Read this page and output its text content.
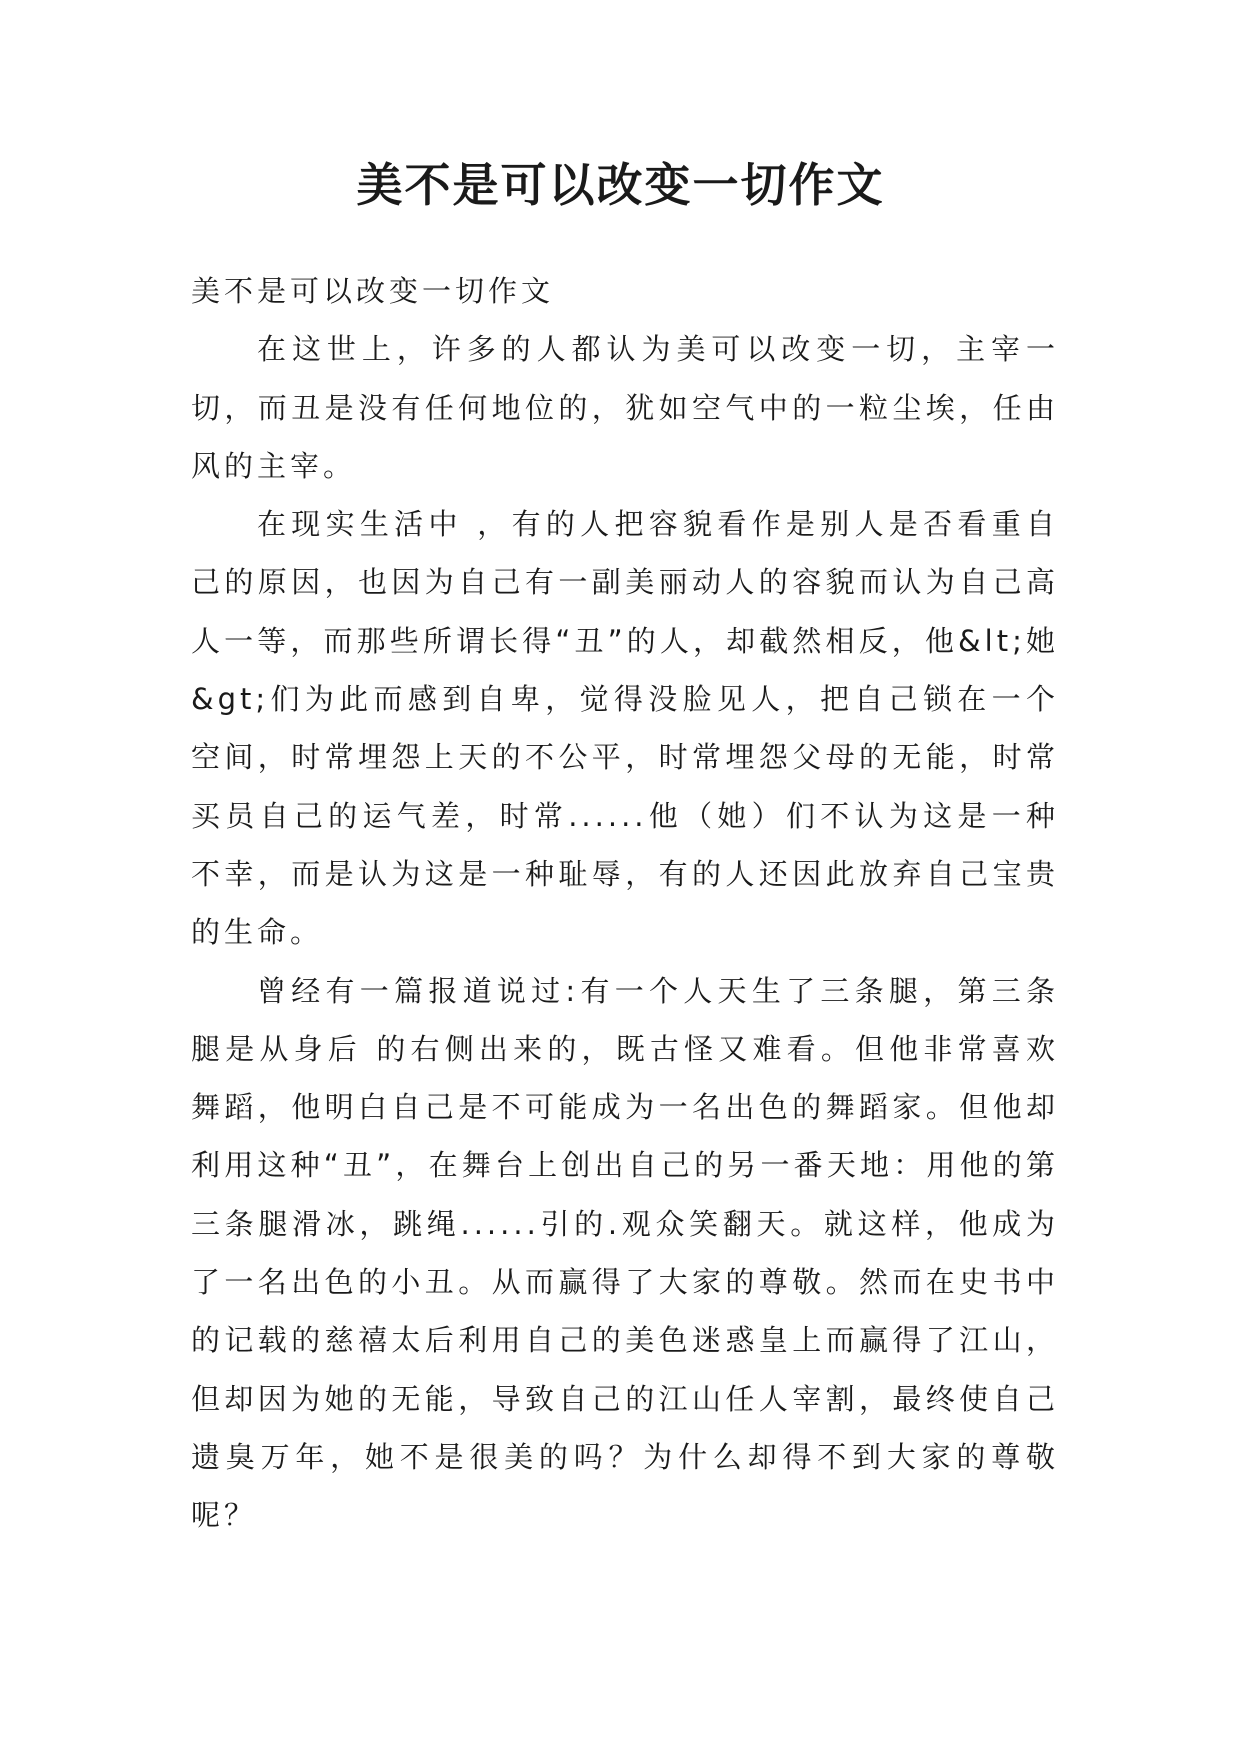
美不是可以改变一切作文

美不是可以改变一切作文

在这世上，许多的人都认为美可以改变一切，主宰一切，而丑是没有任何地位的，犹如空气中的一粒尘埃，任由风的主宰。

在现实生活中 ，有的人把容貌看作是别人是否看重自己的原因，也因为自己有一副美丽动人的容貌而认为自己高人一等，而那些所谓长得“丑”的人，却截然相反，他&lt;她&gt;们为此而感到自卑，觉得没脸见人，把自己锁在一个空间，时常埋怨上天的不公平，时常埋怨父母的无能，时常买员自己的运气差，时常......他（她）们不认为这是一种不幸，而是认为这是一种耻辱，有的人还因此放弃自己宝贵的生命。

曾经有一篇报道说过:有一个人天生了三条腿，第三条腿是从身后 的右侧出来的，既古怪又难看。但他非常喜欢舞蹈，他明白自己是不可能成为一名出色的舞蹈家。但他却利用这种“丑”，在舞台上创出自己的另一番天地：用他的第三条腿滑冰，跳绳......引的.观众笑翻天。就这样，他成为了一名出色的小丑。从而赢得了大家的尊敬。然而在史书中的记载的慈禧太后利用自己的美色迷惑皇上而赢得了江山，但却因为她的无能，导致自己的江山任人宰割，最终使自己遗臭万年，她不是很美的吗？为什么却得不到大家的尊敬呢？
